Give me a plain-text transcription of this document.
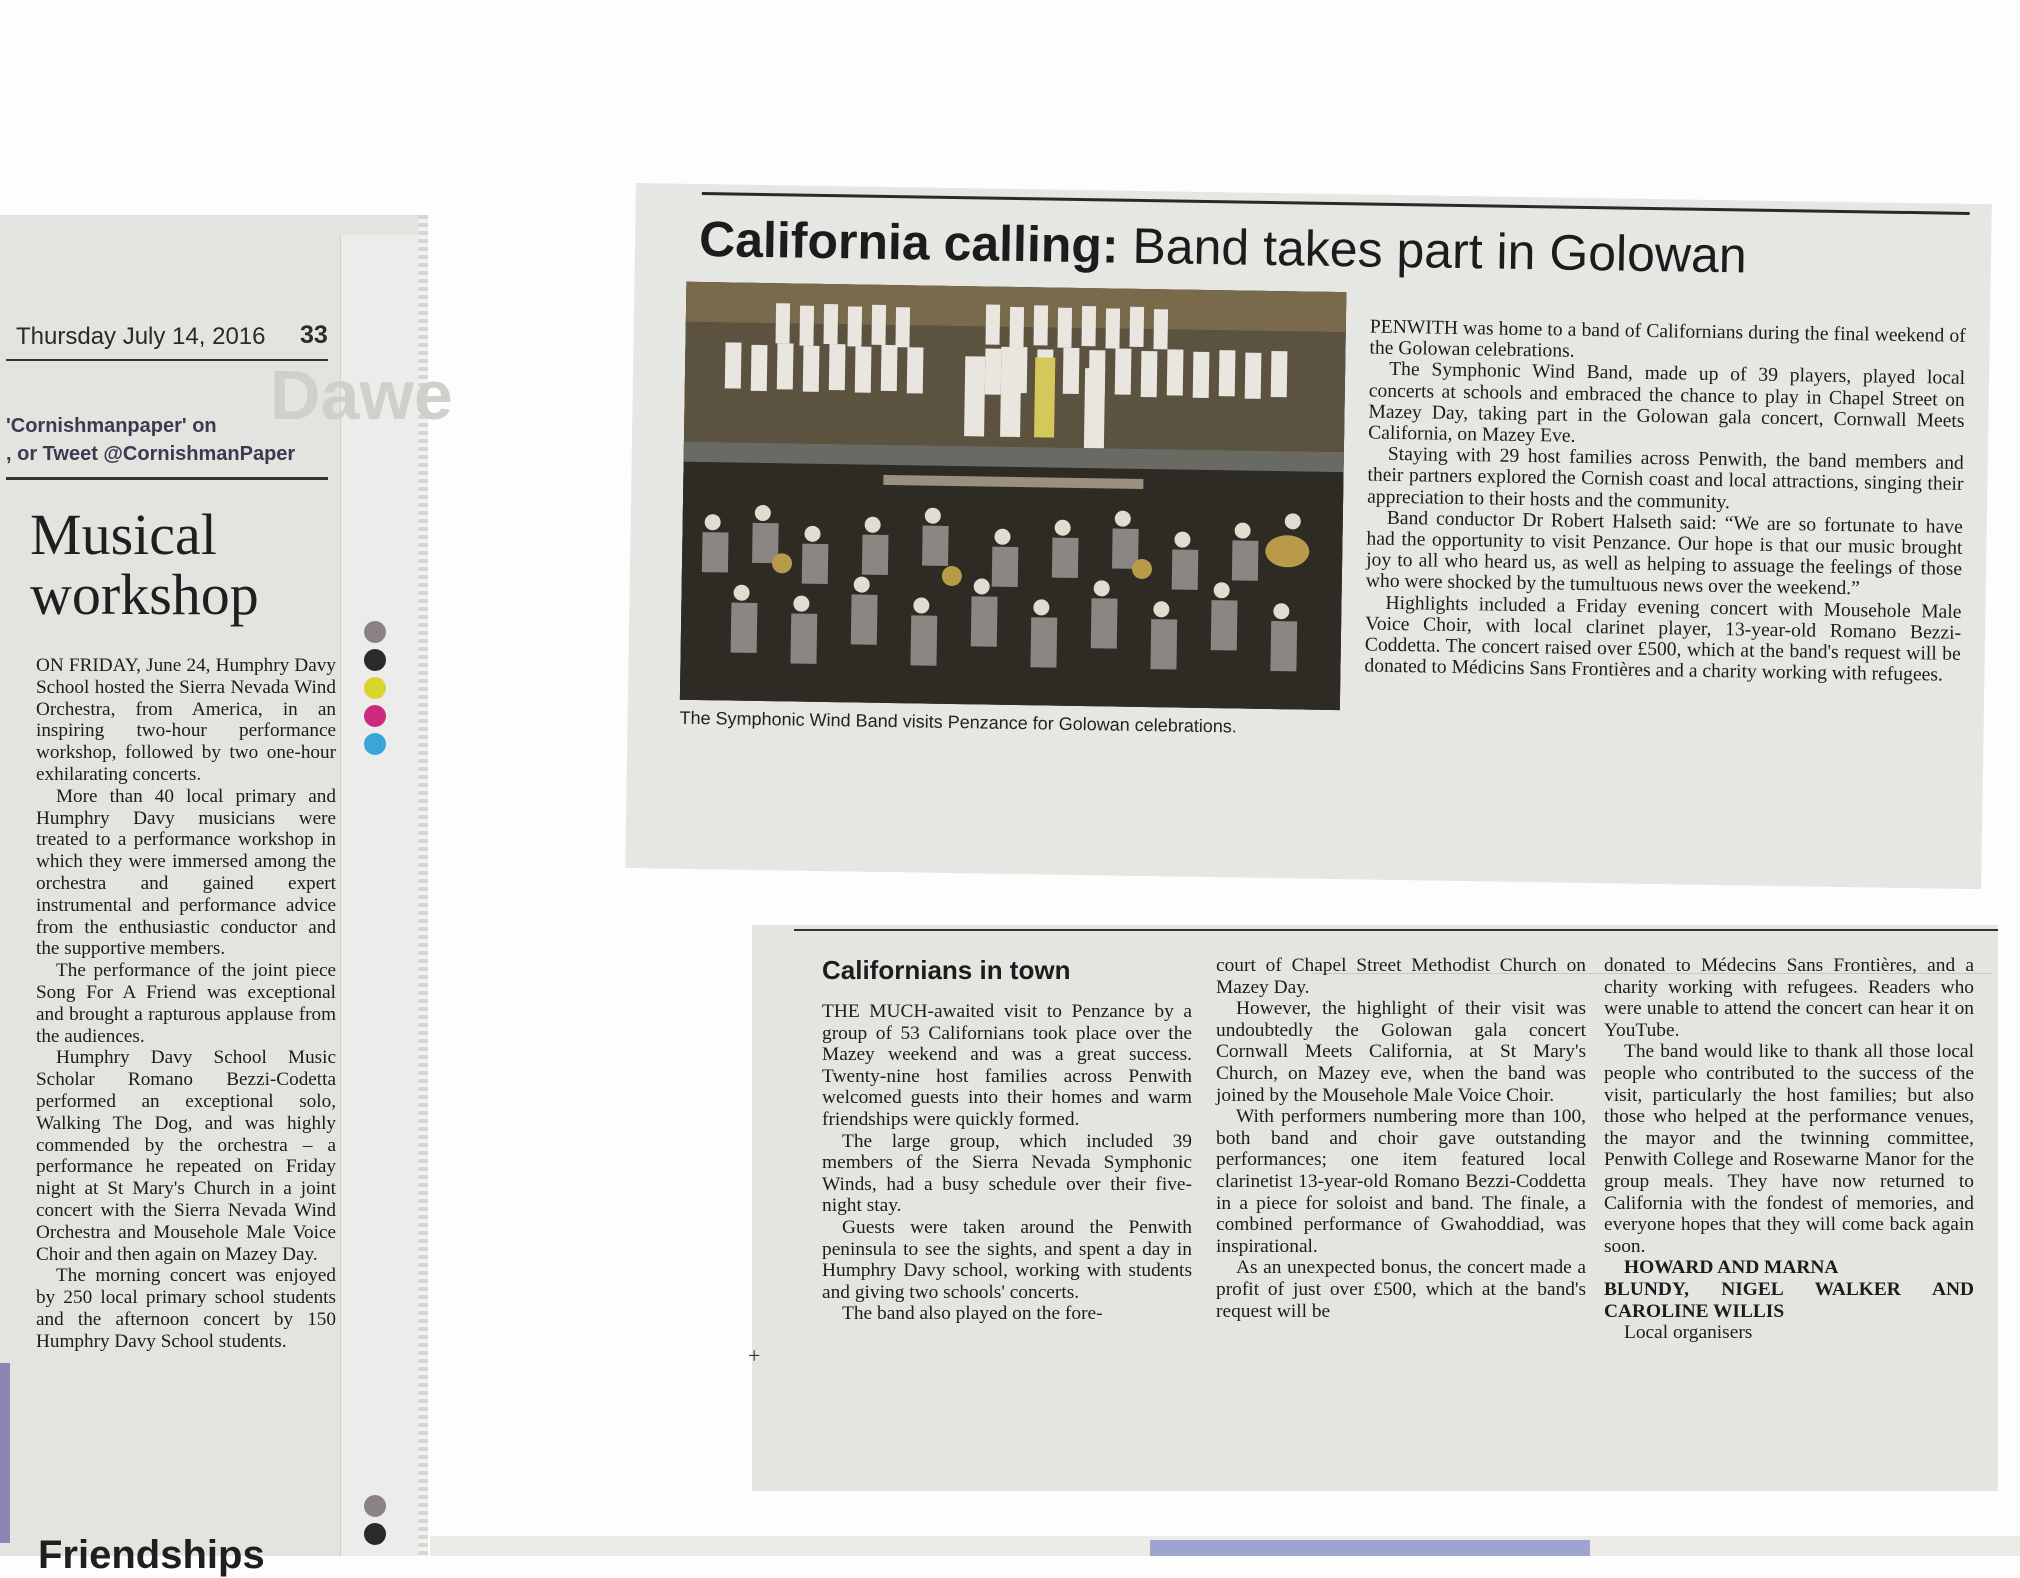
Thursday July 14, 2016 33
Dawe
'Cornishmanpaper' on
, or Tweet @CornishmanPaper
Musical workshop

ON FRIDAY, June 24, Humphry Davy School hosted the Sierra Nevada Wind Orchestra, from America, in an inspiring two-hour performance workshop, followed by two one-hour exhilarating concerts.

More than 40 local primary and Humphry Davy musicians were treated to a performance workshop in which they were immersed among the orchestra and gained expert instrumental and performance advice from the enthusiastic conductor and the supportive members.

The performance of the joint piece Song For A Friend was exceptional and brought a rapturous applause from the audiences.

Humphry Davy School Music Scholar Romano Bezzi-Codetta performed an exceptional solo, Walking The Dog, and was highly commended by the orchestra – a performance he repeated on Friday night at St Mary's Church in a joint concert with the Sierra Nevada Wind Orchestra and Mousehole Male Voice Choir and then again on Mazey Day.

The morning concert was enjoyed by 250 local primary school students and the afternoon concert by 150 Humphry Davy School students.

Friendships
California calling: Band takes part in Golowan
The Symphonic Wind Band visits Penzance for Golowan celebrations.

PENWITH was home to a band of Californians during the final weekend of the Golowan celebrations.

The Symphonic Wind Band, made up of 39 players, played local concerts at schools and embraced the chance to play in Chapel Street on Mazey Day, taking part in the Golowan gala concert, Cornwall Meets California, on Mazey Eve.

Staying with 29 host families across Penwith, the band members and their partners explored the Cornish coast and local attractions, singing their appreciation to their hosts and the community.

Band conductor Dr Robert Halseth said: “We are so fortunate to have had the opportunity to visit Penzance. Our hope is that our music brought joy to all who heard us, as well as helping to assuage the feelings of those who were shocked by the tumultuous news over the weekend.”

Highlights included a Friday evening concert with Mousehole Male Voice Choir, with local clarinet player, 13-year-old Romano Bezzi-Coddetta. The concert raised over £500, which at the band's request will be donated to Médicins Sans Frontières and a charity working with refugees.

+
Californians in town

THE MUCH-awaited visit to Penzance by a group of 53 Californians took place over the Mazey weekend and was a great success. Twenty-nine host families across Penwith welcomed guests into their homes and warm friendships were quickly formed.

The large group, which included 39 members of the Sierra Nevada Symphonic Winds, had a busy schedule over their five-night stay.

Guests were taken around the Penwith peninsula to see the sights, and spent a day in Humphry Davy school, working with students and giving two schools' concerts.

The band also played on the fore-

court of Chapel Street Methodist Church on Mazey Day.

However, the highlight of their visit was undoubtedly the Golowan gala concert Cornwall Meets California, at St Mary's Church, on Mazey eve, when the band was joined by the Mousehole Male Voice Choir.

With performers numbering more than 100, both band and choir gave outstanding performances; one item featured local clarinetist 13-year-old Romano Bezzi-Coddetta in a piece for soloist and band. The finale, a combined performance of Gwahoddiad, was inspirational.

As an unexpected bonus, the concert made a profit of just over £500, which at the band's request will be

donated to Médecins Sans Frontières, and a charity working with refugees. Readers who were unable to attend the concert can hear it on YouTube.

The band would like to thank all those local people who contributed to the success of the visit, particularly the host families; but also those who helped at the performance venues, the mayor and the twinning committee, Penwith College and Rosewarne Manor for the group meals. They have now returned to California with the fondest of memories, and everyone hopes that they will come back again soon.

HOWARD AND MARNA

BLUNDY, NIGEL WALKER AND CAROLINE WILLIS

Local organisers
